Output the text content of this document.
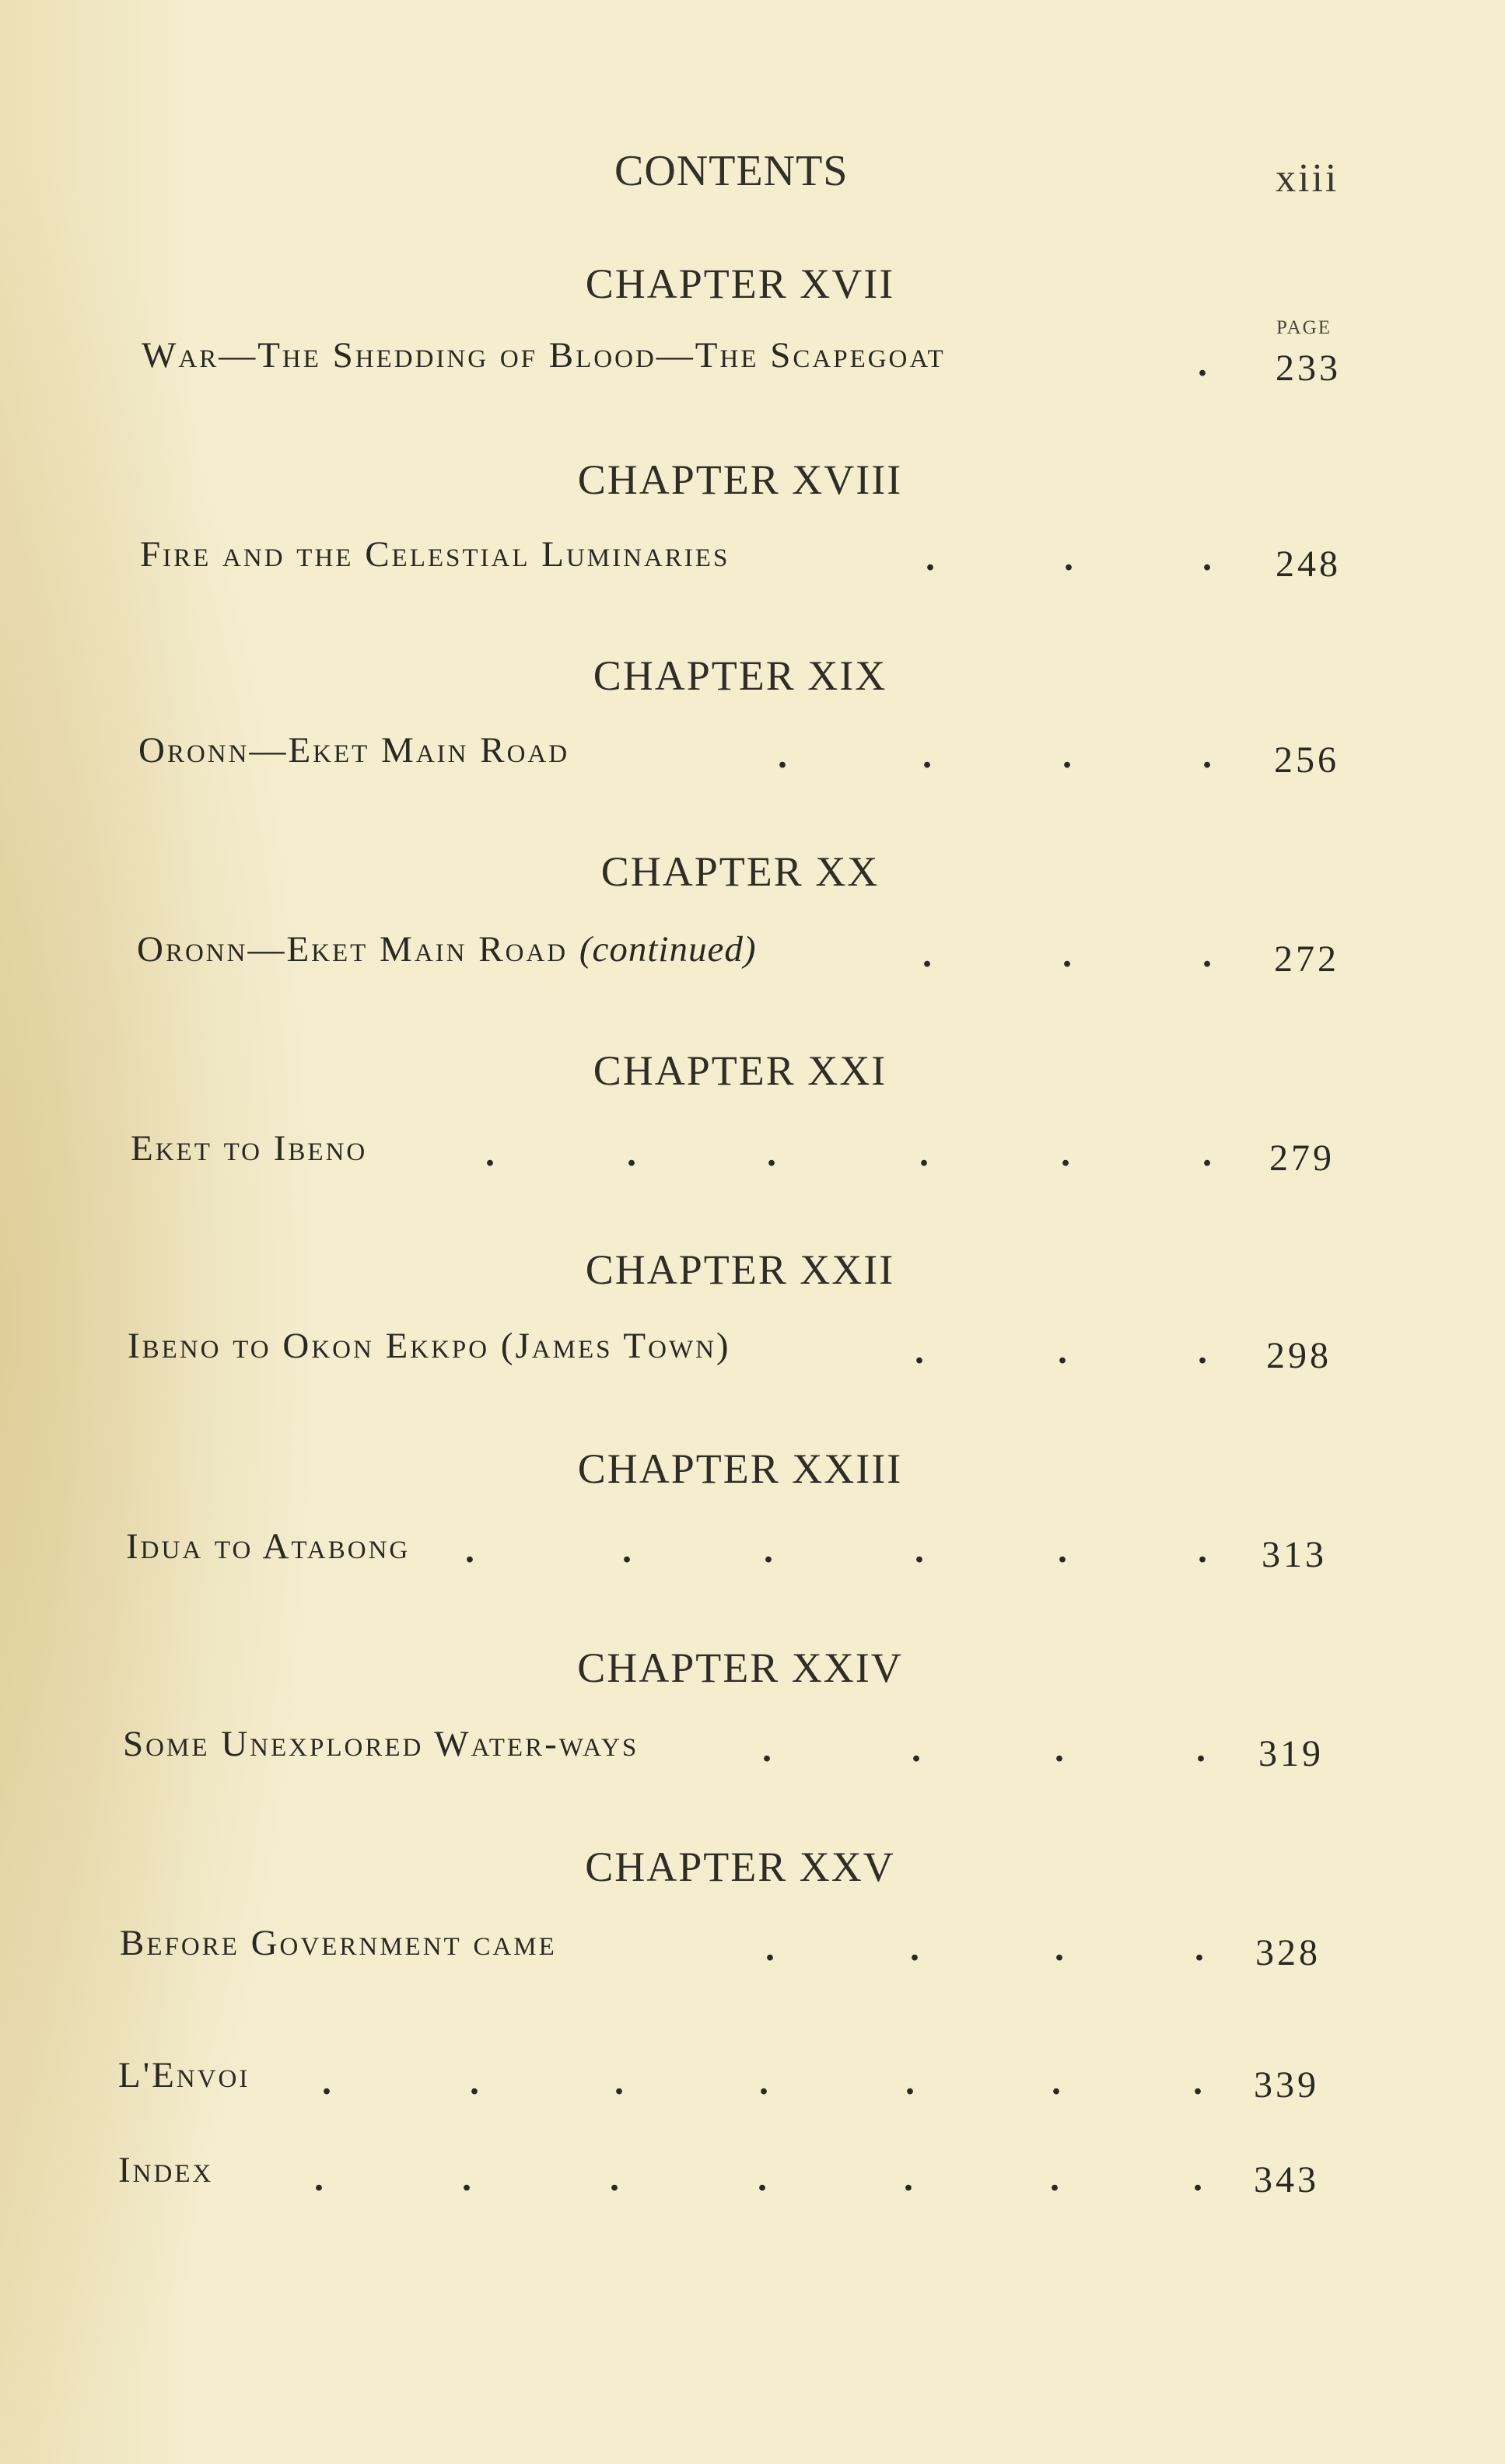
CONTENTS	xiii
PAGE
CHAPTER XVII
War—The Shedding of Blood—The Scapegoat	. 233
CHAPTER XVIII
Fire and the Celestial Luminaries	.	.	. 248
CHAPTER XIX
Oronn—Eket Main Road	.	.	.	. 256
CHAPTER XX
Oronn—Eket Main Road (continued)	.	.	. 272
CHAPTER XXI
Eket to Ibeno	.	.	.	.	.	. 279
CHAPTER XXII
Ibeno to Okon Ekkpo (James Town)	.	.	. 298
CHAPTER XXIII
Idua to Atabong .	.	.	.	.	. 313
CHAPTER XXIV
Some Unexplored Water-ways	.	.	.	. 319
CHAPTER XXV
Before Government came	.	.	.	. 328
L'Envoi .	.	.	.	.	.	. 339
Index	.	.	.	.	.	.	. 343
